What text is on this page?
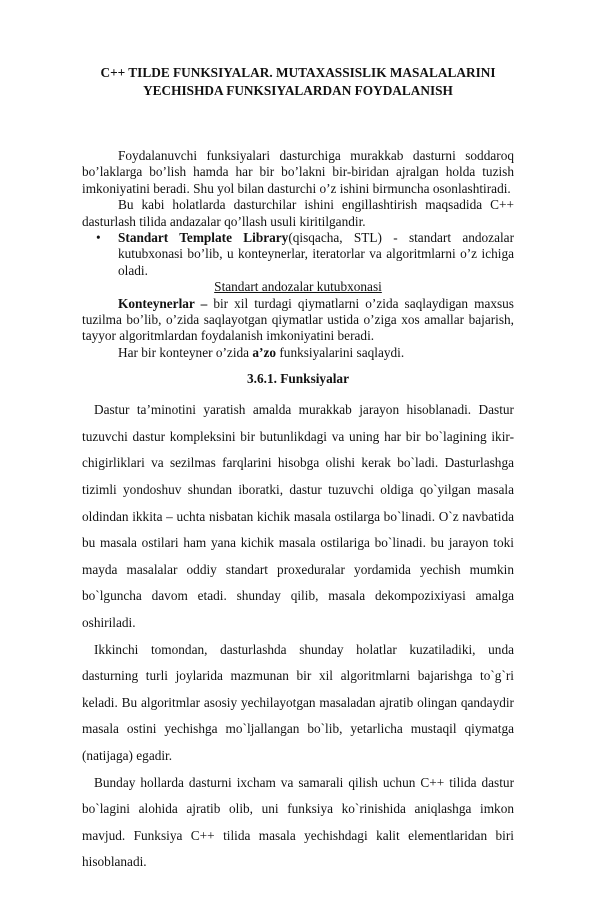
C++ TILDE FUNKSIYALAR. MUTAXASSISLIK MASALALARINI YECHISHDA FUNKSIYALARDAN FOYDALANISH

Foydalanuvchi funksiyalari dasturchiga murakkab dasturni soddaroq bo’laklarga bo’lish hamda har bir bo’lakni bir-biridan ajralgan holda tuzish imkoniyatini beradi. Shu yol bilan dasturchi o’z ishini birmuncha osonlashtiradi.

Bu kabi holatlarda dasturchilar ishini engillashtirish maqsadida C++ dasturlash tilida andazalar qo’llash usuli kiritilgandir.

• Standart Template Library(qisqacha, STL) - standart andozalar kutubxonasi bo’lib, u konteynerlar, iteratorlar va algoritmlarni o’z ichiga oladi.
Standart andozalar kutubxonasi

Konteynerlar – bir xil turdagi qiymatlarni o’zida saqlaydigan maxsus tuzilma bo’lib, o’zida saqlayotgan qiymatlar ustida o’ziga xos amallar bajarish, tayyor algoritmlardan foydalanish imkoniyatini beradi.

Har bir konteyner o’zida a’zo funksiyalarini saqlaydi.

3.6.1. Funksiyalar

Dastur ta’minotini yaratish amalda murakkab jarayon hisoblanadi. Dastur tuzuvchi dastur kompleksini bir butunlikdagi va uning har bir bo`lagining ikir-chigirliklari va sezilmas farqlarini hisobga olishi kerak bo`ladi. Dasturlashga tizimli yondoshuv shundan iboratki, dastur tuzuvchi oldiga qo`yilgan masala oldindan ikkita – uchta nisbatan kichik masala ostilarga bo`linadi. O`z navbatida bu masala ostilari ham yana kichik masala ostilariga bo`linadi. bu jarayon toki mayda masalalar oddiy standart proxeduralar yordamida yechish mumkin bo`lguncha davom etadi. shunday qilib, masala dekompozixiyasi amalga oshiriladi.

Ikkinchi tomondan, dasturlashda shunday holatlar kuzatiladiki, unda dasturning turli joylarida mazmunan bir xil algoritmlarni bajarishga to`g`ri keladi. Bu algoritmlar asosiy yechilayotgan masaladan ajratib olingan qandaydir masala ostini yechishga mo`ljallangan bo`lib, yetarlicha mustaqil qiymatga (natijaga) egadir.

Bunday hollarda dasturni ixcham va samarali qilish uchun C++ tilida dastur bo`lagini alohida ajratib olib, uni funksiya ko`rinishida aniqlashga imkon mavjud. Funksiya C++ tilida masala yechishdagi kalit elementlaridan biri hisoblanadi.
